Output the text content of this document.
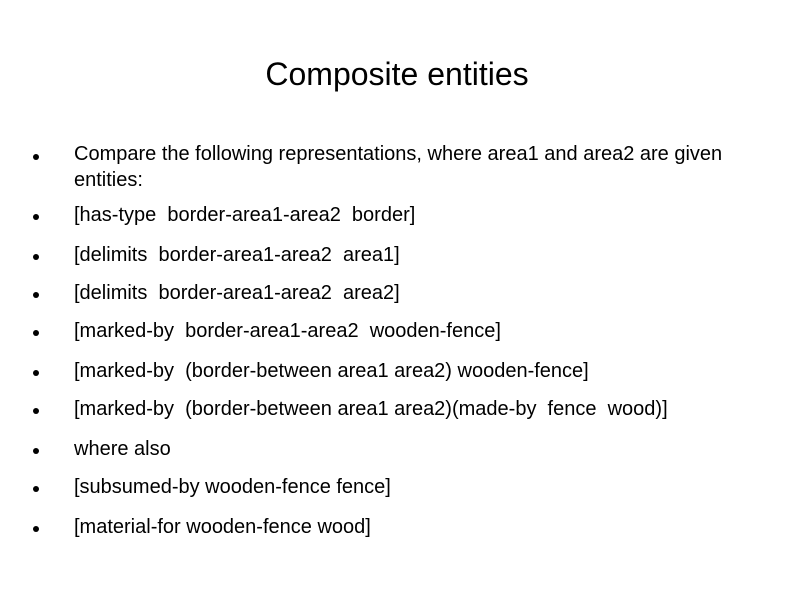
Composite entities
Compare the following representations, where area1 and area2 are given entities:
[has-type  border-area1-area2  border]
[delimits  border-area1-area2  area1]
[delimits  border-area1-area2  area2]
[marked-by  border-area1-area2  wooden-fence]
[marked-by  (border-between area1 area2) wooden-fence]
[marked-by  (border-between area1 area2)(made-by  fence  wood)]
where also
[subsumed-by wooden-fence fence]
[material-for wooden-fence wood]
